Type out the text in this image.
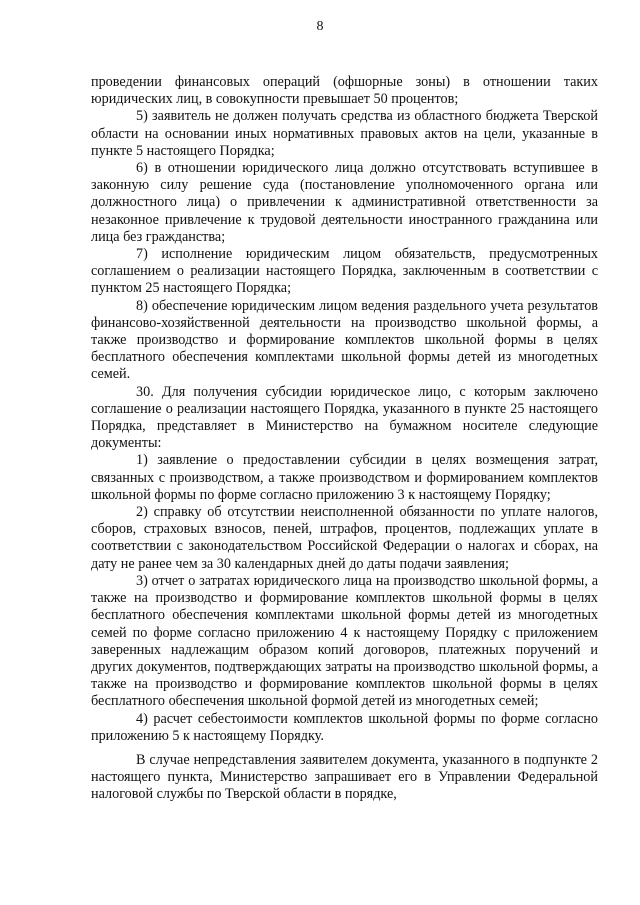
8

проведении финансовых операций (офшорные зоны) в отношении таких юридических лиц, в совокупности превышает 50 процентов;

5) заявитель не должен получать средства из областного бюджета Тверской области на основании иных нормативных правовых актов на цели, указанные в пункте 5 настоящего Порядка;

6) в отношении юридического лица должно отсутствовать вступившее в законную силу решение суда (постановление уполномоченного органа или должностного лица) о привлечении к административной ответственности за незаконное привлечение к трудовой деятельности иностранного гражданина или лица без гражданства;

7) исполнение юридическим лицом обязательств, предусмотренных соглашением о реализации настоящего Порядка, заключенным в соответствии с пунктом 25 настоящего Порядка;

8) обеспечение юридическим лицом ведения раздельного учета результатов финансово-хозяйственной деятельности на производство школьной формы, а также производство и формирование комплектов школьной формы в целях бесплатного обеспечения комплектами школьной формы детей из многодетных семей.

30. Для получения субсидии юридическое лицо, с которым заключено соглашение о реализации настоящего Порядка, указанного в пункте 25 настоящего Порядка, представляет в Министерство на бумажном носителе следующие документы:

1) заявление о предоставлении субсидии в целях возмещения затрат, связанных с производством, а также производством и формированием комплектов школьной формы по форме согласно приложению 3 к настоящему Порядку;

2) справку об отсутствии неисполненной обязанности по уплате налогов, сборов, страховых взносов, пеней, штрафов, процентов, подлежащих уплате в соответствии с законодательством Российской Федерации о налогах и сборах, на дату не ранее чем за 30 календарных дней до даты подачи заявления;

3) отчет о затратах юридического лица на производство школьной формы, а также на производство и формирование комплектов школьной формы в целях бесплатного обеспечения комплектами школьной формы детей из многодетных семей по форме согласно приложению 4 к настоящему Порядку с приложением заверенных надлежащим образом копий договоров, платежных поручений и других документов, подтверждающих затраты на производство школьной формы, а также на производство и формирование комплектов школьной формы в целях бесплатного обеспечения школьной формой детей из многодетных семей;

4) расчет себестоимости комплектов школьной формы по форме согласно приложению 5 к настоящему Порядку.

В случае непредставления заявителем документа, указанного в подпункте 2 настоящего пункта, Министерство запрашивает его в Управлении Федеральной налоговой службы по Тверской области в порядке,
